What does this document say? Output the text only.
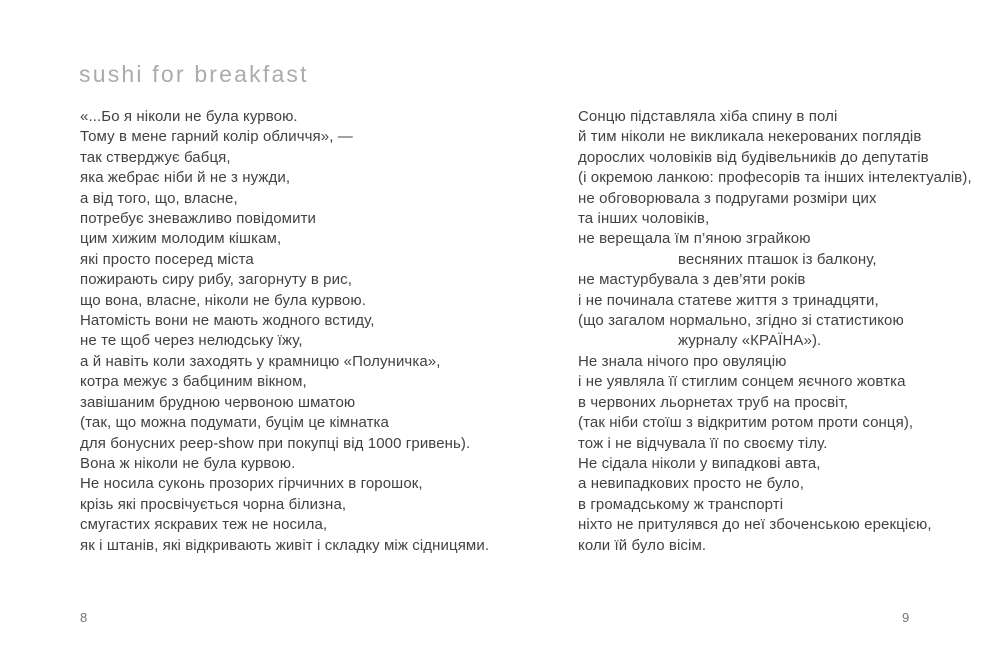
sushi for breakfast
«...Бо я ніколи не була курвою.
Тому в мене гарний колір обличчя», —
так стверджує бабця,
яка жебрає ніби й не з нужди,
а від того, що, власне,
потребує зневажливо повідомити
цим хижим молодим кішкам,
які просто посеред міста
пожирають сиру рибу, загорнуту в рис,
що вона, власне, ніколи не була курвою.
Натомість вони не мають жодного встиду,
не те щоб через нелюдську їжу,
а й навіть коли заходять у крамницю «Полуничка»,
котра межує з бабциним вікном,
завішаним брудною червоною шматою
(так, що можна подумати, буцім це кімнатка
для бонусних peep-show при покупці від 1000 гривень).
Вона ж ніколи не була курвою.
Не носила суконь прозорих гірчичних в горошок,
крізь які просвічується чорна білизна,
смугастих яскравих теж не носила,
як і штанів, які відкривають живіт і складку між сідницями.
Сонцю підставляла хіба спину в полі
й тим ніколи не викликала некерованих поглядів
дорослих чоловіків від будівельників до депутатів
(і окремою ланкою: професорів та інших інтелектуалів),
не обговорювала з подругами розміри цих
та інших чоловіків,
не верещала їм п’яною зграйкою
весняних пташок із балкону,
не мастурбувала з дев’яти років
і не починала статеве життя з тринадцяти,
(що загалом нормально, згідно зі статистикою
журналу «КРАЇНА»).
Не знала нічого про овуляцію
і не уявляла її стиглим сонцем яєчного жовтка
в червоних льорнетах труб на просвіт,
(так ніби стоїш з відкритим ротом проти сонця),
тож і не відчувала її по своєму тілу.
Не сідала ніколи у випадкові авта,
а невипадкових просто не було,
в громадському ж транспорті
ніхто не притулявся до неї збоченською ерекцією,
коли їй було вісім.
8	9
